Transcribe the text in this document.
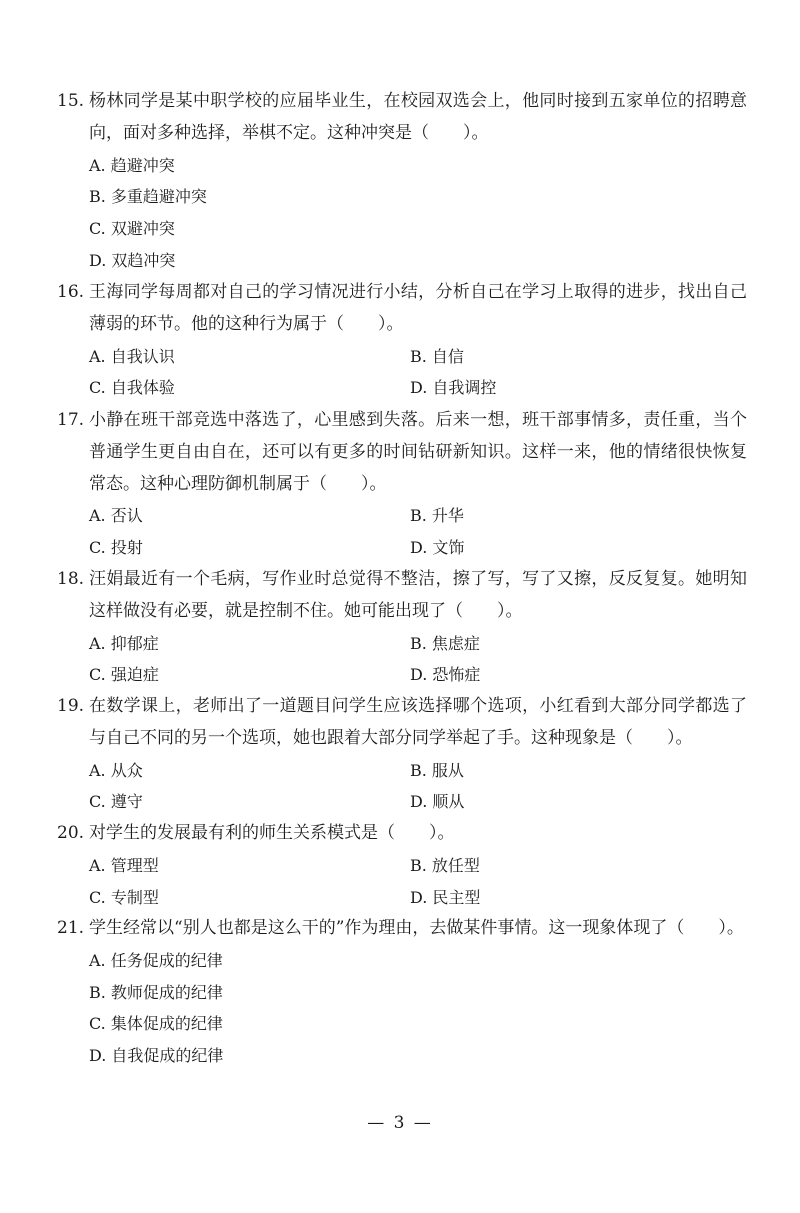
15. 杨林同学是某中职学校的应届毕业生，在校园双选会上，他同时接到五家单位的招聘意向，面对多种选择，举棋不定。这种冲突是（　　）。
A. 趋避冲突
B. 多重趋避冲突
C. 双避冲突
D. 双趋冲突
16. 王海同学每周都对自己的学习情况进行小结，分析自己在学习上取得的进步，找出自己薄弱的环节。他的这种行为属于（　　）。
A. 自我认识	B. 自信
C. 自我体验	D. 自我调控
17. 小静在班干部竞选中落选了，心里感到失落。后来一想，班干部事情多，责任重，当个普通学生更自由自在，还可以有更多的时间钻研新知识。这样一来，他的情绪很快恢复常态。这种心理防御机制属于（　　）。
A. 否认	B. 升华
C. 投射	D. 文饰
18. 汪娟最近有一个毛病，写作业时总觉得不整洁，擦了写，写了又擦，反反复复。她明知这样做没有必要，就是控制不住。她可能出现了（　　）。
A. 抑郁症	B. 焦虑症
C. 强迫症	D. 恐怖症
19. 在数学课上，老师出了一道题目问学生应该选择哪个选项，小红看到大部分同学都选了与自己不同的另一个选项，她也跟着大部分同学举起了手。这种现象是（　　）。
A. 从众	B. 服从
C. 遵守	D. 顺从
20. 对学生的发展最有利的师生关系模式是（　　）。
A. 管理型	B. 放任型
C. 专制型	D. 民主型
21. 学生经常以“别人也都是这么干的”作为理由，去做某件事情。这一现象体现了（　　）。
A. 任务促成的纪律
B. 教师促成的纪律
C. 集体促成的纪律
D. 自我促成的纪律
— 3 —
